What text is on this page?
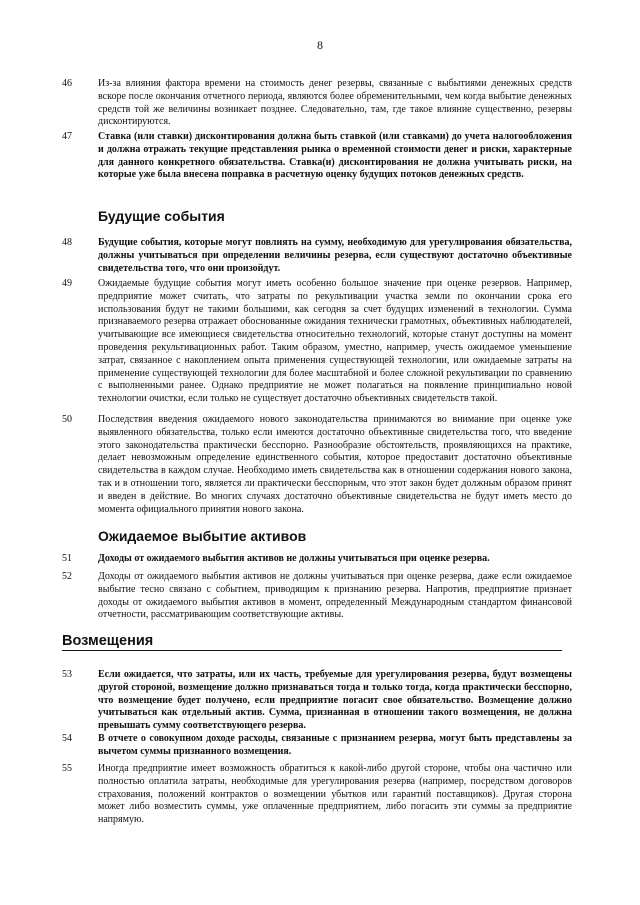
8
46	Из-за влияния фактора времени на стоимость денег резервы, связанные с выбытиями денежных средств вскоре после окончания отчетного периода, являются более обременительными, чем когда выбытие денежных средств той же величины возникает позднее. Следовательно, там, где такое влияние существенно, резервы дисконтируются.
47	Ставка (или ставки) дисконтирования должна быть ставкой (или ставками) до учета налогообложения и должна отражать текущие представления рынка о временной стоимости денег и риски, характерные для данного конкретного обязательства. Ставка(и) дисконтирования не должна учитывать риски, на которые уже была внесена поправка в расчетную оценку будущих потоков денежных средств.
Будущие события
48	Будущие события, которые могут повлиять на сумму, необходимую для урегулирования обязательства, должны учитываться при определении величины резерва, если существуют достаточно объективные свидетельства того, что они произойдут.
49	Ожидаемые будущие события могут иметь особенно большое значение при оценке резервов. Например, предприятие может считать, что затраты по рекультивации участка земли по окончании срока его использования будут не такими большими, как сегодня за счет будущих изменений в технологии. Сумма признаваемого резерва отражает обоснованные ожидания технически грамотных, объективных наблюдателей, учитывающие все имеющиеся свидетельства относительно технологий, которые станут доступны на момент проведения рекультивационных работ. Таким образом, уместно, например, учесть ожидаемое уменьшение затрат, связанное с накоплением опыта применения существующей технологии, или ожидаемые затраты на применение существующей технологии для более масштабной и более сложной рекультивации по сравнению с выполненными ранее. Однако предприятие не может полагаться на появление принципиально новой технологии очистки, если только не существует достаточно объективных свидетельств такой.
50	Последствия введения ожидаемого нового законодательства принимаются во внимание при оценке уже выявленного обязательства, только если имеются достаточно объективные свидетельства того, что введение этого законодательства практически бесспорно. Разнообразие обстоятельств, проявляющихся на практике, делает невозможным определение единственного события, которое предоставит достаточно объективные свидетельства в каждом случае. Необходимо иметь свидетельства как в отношении содержания нового закона, так и в отношении того, является ли практически бесспорным, что этот закон будет должным образом принят и введен в действие. Во многих случаях достаточно объективные свидетельства не будут иметь место до момента официального принятия нового закона.
Ожидаемое выбытие активов
51	Доходы от ожидаемого выбытия активов не должны учитываться при оценке резерва.
52	Доходы от ожидаемого выбытия активов не должны учитываться при оценке резерва, даже если ожидаемое выбытие тесно связано с событием, приводящим к признанию резерва. Напротив, предприятие признает доходы от ожидаемого выбытия активов в момент, определенный Международным стандартом финансовой отчетности, рассматривающим соответствующие активы.
Возмещения
53	Если ожидается, что затраты, или их часть, требуемые для урегулирования резерва, будут возмещены другой стороной, возмещение должно признаваться тогда и только тогда, когда практически бесспорно, что возмещение будет получено, если предприятие погасит свое обязательство. Возмещение должно учитываться как отдельный актив. Сумма, признанная в отношении такого возмещения, не должна превышать сумму соответствующего резерва.
54	В отчете о совокупном доходе расходы, связанные с признанием резерва, могут быть представлены за вычетом суммы признанного возмещения.
55	Иногда предприятие имеет возможность обратиться к какой-либо другой стороне, чтобы она частично или полностью оплатила затраты, необходимые для урегулирования резерва (например, посредством договоров страхования, положений контрактов о возмещении убытков или гарантий поставщиков). Другая сторона может либо возместить суммы, уже оплаченные предприятием, либо погасить эти суммы за предприятие напрямую.
